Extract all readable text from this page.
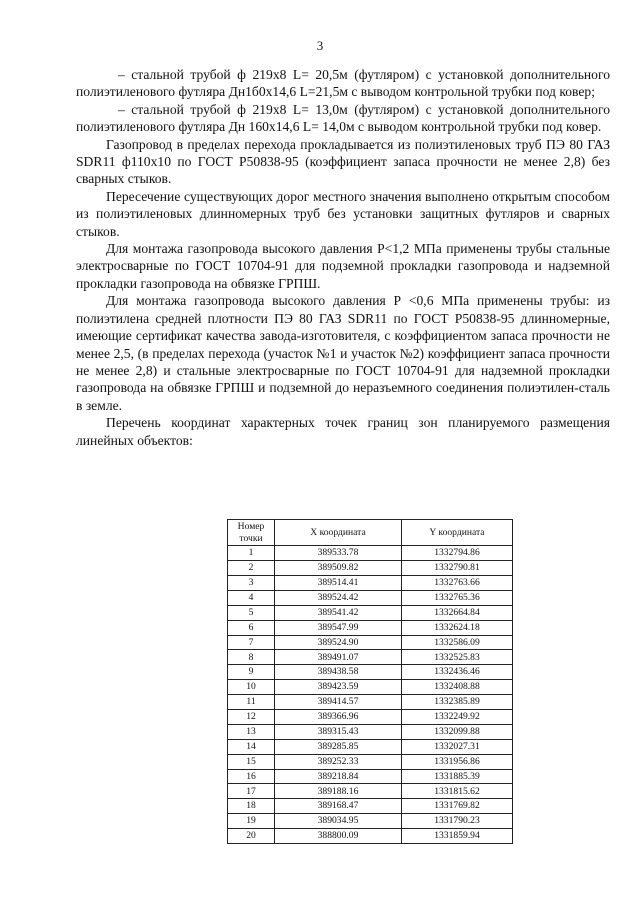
3

– стальной трубой ф 219х8 L= 20,5м (футляром) с установкой дополнительного полиэтиленового футляра Дн1б0х14,6 L=21,5м с выводом контрольной трубки под ковер;

– стальной трубой ф 219х8 L= 13,0м (футляром) с установкой дополнительного полиэтиленового футляра Дн 160х14,6 L= 14,0м с выводом контрольной трубки под ковер.

Газопровод в пределах перехода прокладывается из полиэтиленовых труб ПЭ 80 ГАЗ SDR11 ф110х10 по ГОСТ Р50838-95 (коэффициент запаса прочности не менее 2,8) без сварных стыков.

Пересечение существующих дорог местного значения выполнено открытым способом из полиэтиленовых длинномерных труб без установки защитных футляров и сварных стыков.

Для монтажа газопровода высокого давления Р<1,2 МПа применены трубы стальные электросварные по ГОСТ 10704-91 для подземной прокладки газопровода и надземной прокладки газопровода на обвязке ГРПШ.

Для монтажа газопровода высокого давления Р <0,6 МПа применены трубы: из полиэтилена средней плотности ПЭ 80 ГАЗ SDR11 по ГОСТ Р50838-95 длинномерные, имеющие сертификат качества завода-изготовителя, с коэффициентом запаса прочности не менее 2,5, (в пределах перехода (участок №1 и участок №2) коэффициент запаса прочности не менее 2,8) и стальные электросварные по ГОСТ 10704-91 для надземной прокладки газопровода на обвязке ГРПШ и подземной до неразъемного соединения полиэтилен-сталь в земле.

Перечень координат характерных точек границ зон планируемого размещения линейных объектов:

Номер точки	X координата	Y координата
1	389533.78	1332794.86
2	389509.82	1332790.81
3	389514.41	1332763.66
4	389524.42	1332765.36
5	389541.42	1332664.84
6	389547.99	1332624.18
7	389524.90	1332586.09
8	389491.07	1332525.83
9	389438.58	1332436.46
10	389423.59	1332408.88
11	389414.57	1332385.89
12	389366.96	1332249.92
13	389315.43	1332099.88
14	389285.85	1332027.31
15	389252.33	1331956.86
16	389218.84	1331885.39
17	389188.16	1331815.62
18	389168.47	1331769.82
19	389034.95	1331790.23
20	388800.09	1331859.94
